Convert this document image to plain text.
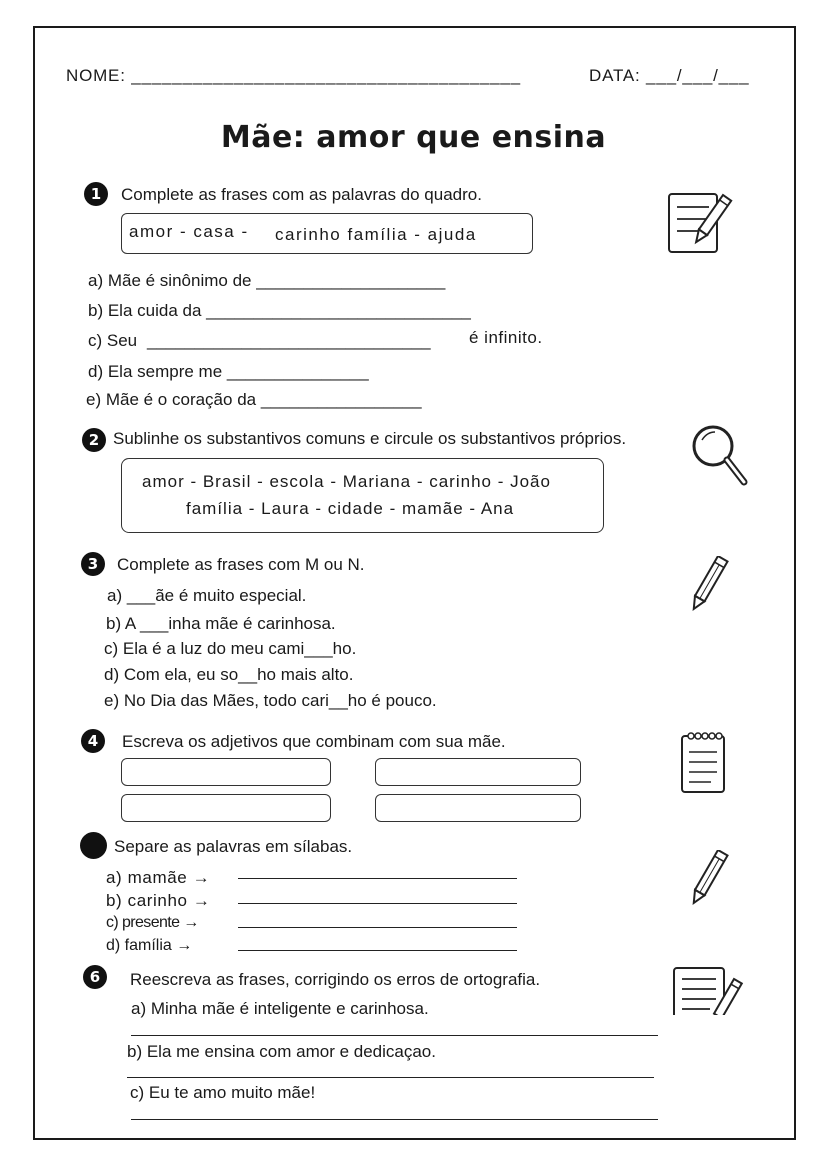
NOME: ______________________________________	DATA: ___/___/___
Mãe: amor que ensina
1	Complete as frases com as palavras do quadro.
amor - casa - carinho família - ajuda
a) Mãe é sinônimo de ____________________
b) Ela cuida da ____________________________
c) Seu ______________________________ é infinito.
d) Ela sempre me _______________
e) Mãe é o coração da _________________
2 Sublinhe os substantivos comuns e circule os substantivos próprios.
amor - Brasil - escola - Mariana - carinho - João
família - Laura - cidade - mamãe - Ana
3	Complete as frases com M ou N.
a) ___ãe é muito especial.
b) A ___inha mãe é carinhosa.
c) Ela é a luz do meu cami___ho.
d) Com ela, eu so__ho mais alto.
e) No Dia das Mães, todo cari__ho é pouco.
4	Escreva os adjetivos que combinam com sua mãe.
Separe as palavras em sílabas.
a) mamãe →
b) carinho →
c) presente →
d) família →
6	Reescreva as frases, corrigindo os erros de ortografia.
a) Minha mãe é inteligente e carinhosa.
b) Ela me ensina com amor e dedicaçao.
c) Eu te amo muito mãe!
